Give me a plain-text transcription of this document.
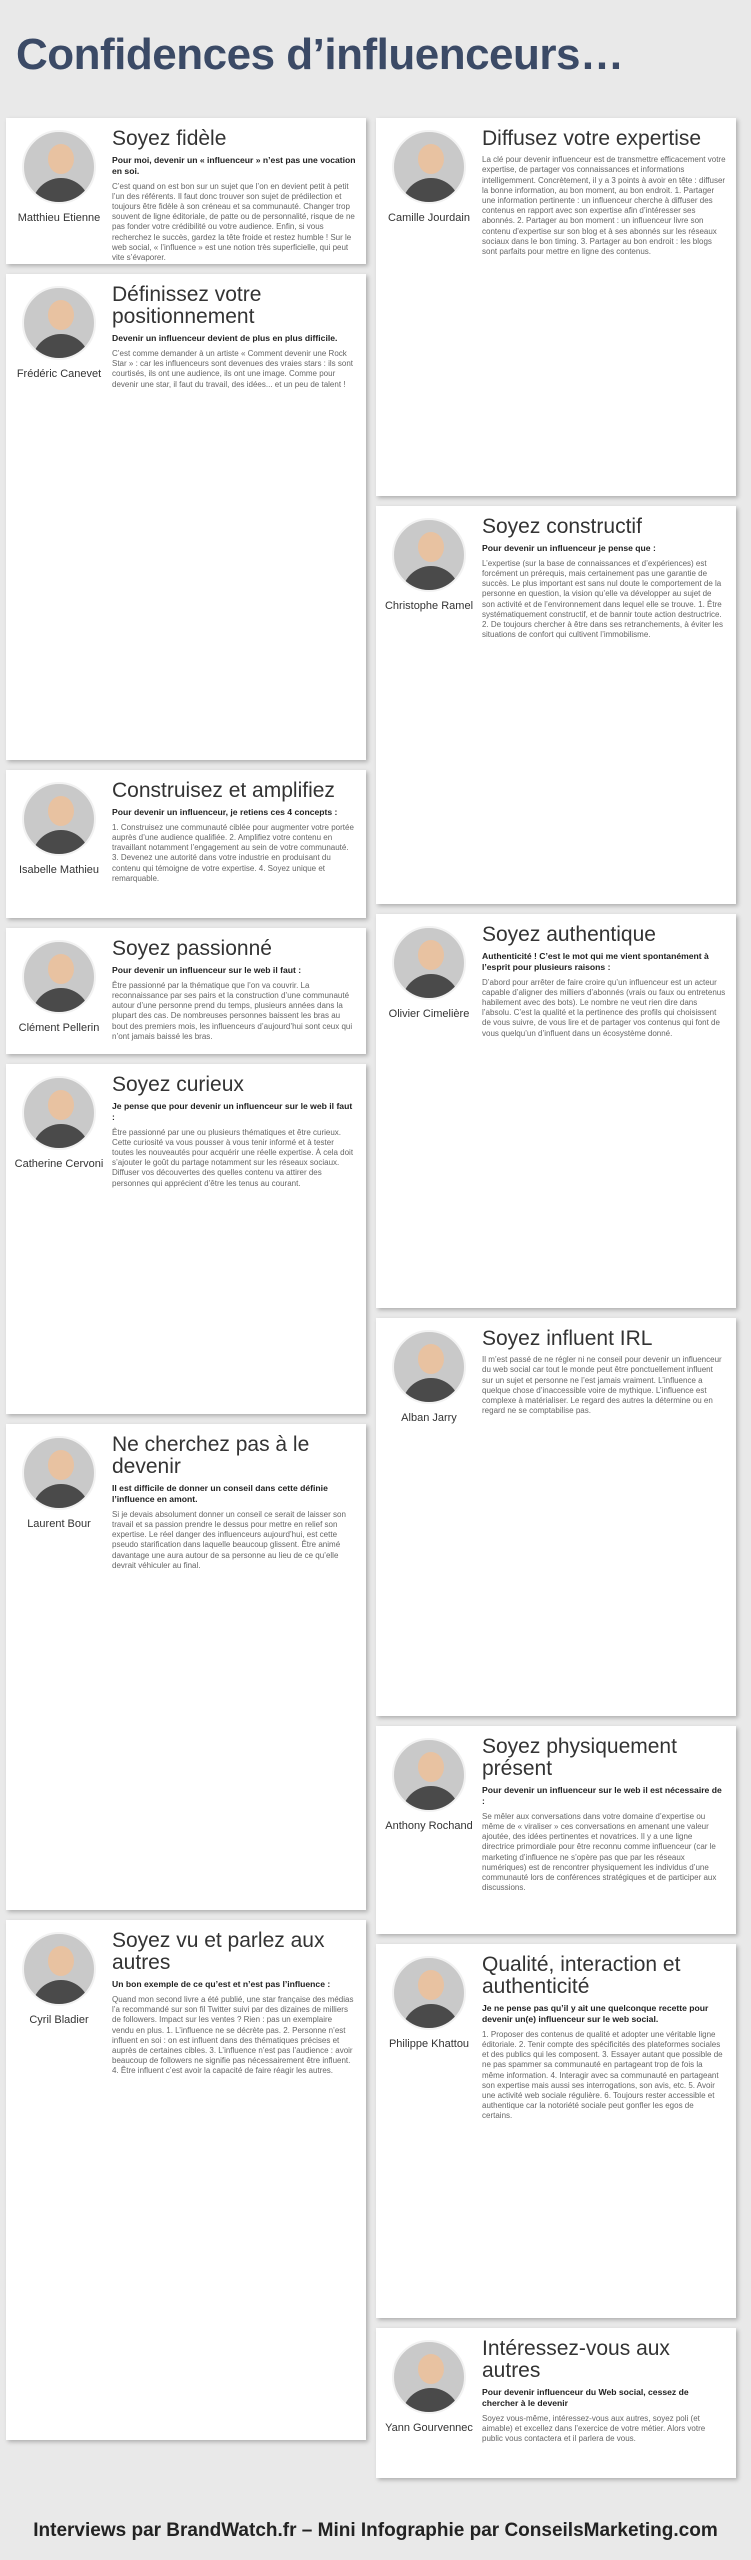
Confidences d’influenceurs…
Matthieu Etienne
Soyez fidèle
Pour moi, devenir un « influenceur » n’est pas une vocation en soi.
C’est quand on est bon sur un sujet que l’on en devient petit à petit l’un des référents. Il faut donc trouver son sujet de prédilection et toujours être fidèle à son créneau et sa communauté. Changer trop souvent de ligne éditoriale, de patte ou de personnalité, risque de ne pas fonder votre crédibilité ou votre audience. Enfin, si vous recherchez le succès, gardez la tête froide et restez humble ! Sur le web social, « l’influence » est une notion très superficielle, qui peut vite s’évaporer.
Frédéric Canevet
Définissez votre positionnement
Devenir un influenceur devient de plus en plus difficile.
C’est comme demander à un artiste « Comment devenir une Rock Star » : car les influenceurs sont devenues des vraies stars : ils sont courtisés, ils ont une audience, ils ont une image. Comme pour devenir une star, il faut du travail, des idées... et un peu de talent !
Isabelle Mathieu
Construisez et amplifiez
Pour devenir un influenceur, je retiens ces 4 concepts :
1. Construisez une communauté ciblée pour augmenter votre portée auprès d’une audience qualifiée. 2. Amplifiez votre contenu en travaillant notamment l’engagement au sein de votre communauté. 3. Devenez une autorité dans votre industrie en produisant du contenu qui témoigne de votre expertise. 4. Soyez unique et remarquable.
Clément Pellerin
Soyez passionné
Pour devenir un influenceur sur le web il faut :
Être passionné par la thématique que l’on va couvrir. La reconnaissance par ses pairs et la construction d’une communauté autour d’une personne prend du temps, plusieurs années dans la plupart des cas. De nombreuses personnes baissent les bras au bout des premiers mois, les influenceurs d’aujourd’hui sont ceux qui n’ont jamais baissé les bras.
Catherine Cervoni
Soyez curieux
Je pense que pour devenir un influenceur sur le web il faut :
Être passionné par une ou plusieurs thématiques et être curieux. Cette curiosité va vous pousser à vous tenir informé et à tester toutes les nouveautés pour acquérir une réelle expertise. À cela doit s’ajouter le goût du partage notamment sur les réseaux sociaux. Diffuser vos découvertes des quelles contenu va attirer des personnes qui apprécient d’être les tenus au courant.
Laurent Bour
Ne cherchez pas à le devenir
Il est difficile de donner un conseil dans cette définie l’influence en amont.
Si je devais absolument donner un conseil ce serait de laisser son travail et sa passion prendre le dessus pour mettre en relief son expertise. Le réel danger des influenceurs aujourd’hui, est cette pseudo starification dans laquelle beaucoup glissent. Être animé davantage une aura autour de sa personne au lieu de ce qu’elle devrait véhiculer au final.
Cyril Bladier
Soyez vu et parlez aux autres
Un bon exemple de ce qu’est et n’est pas l’influence :
Quand mon second livre a été publié, une star française des médias l’a recommandé sur son fil Twitter suivi par des dizaines de milliers de followers. Impact sur les ventes ? Rien : pas un exemplaire vendu en plus. 1. L’influence ne se décrète pas. 2. Personne n’est influent en soi : on est influent dans des thématiques précises et auprès de certaines cibles. 3. L’influence n’est pas l’audience : avoir beaucoup de followers ne signifie pas nécessairement être influent. 4. Être influent c’est avoir la capacité de faire réagir les autres.
Camille Jourdain
Diffusez votre expertise
La clé pour devenir influenceur est de transmettre efficacement votre expertise, de partager vos connaissances et informations intelligemment. Concrètement, il y a 3 points à avoir en tête : diffuser la bonne information, au bon moment, au bon endroit. 1. Partager une information pertinente : un influenceur cherche à diffuser des contenus en rapport avec son expertise afin d’intéresser ses abonnés. 2. Partager au bon moment : un influenceur livre son contenu d’expertise sur son blog et à ses abonnés sur les réseaux sociaux dans le bon timing. 3. Partager au bon endroit : les blogs sont parfaits pour mettre en ligne des contenus.
Christophe Ramel
Soyez constructif
Pour devenir un influenceur je pense que :
L’expertise (sur la base de connaissances et d’expériences) est forcément un prérequis, mais certainement pas une garantie de succès. Le plus important est sans nul doute le comportement de la personne en question, la vision qu’elle va développer au sujet de son activité et de l’environnement dans lequel elle se trouve. 1. Être systématiquement constructif, et de bannir toute action destructrice. 2. De toujours chercher à être dans ses retranchements, à éviter les situations de confort qui cultivent l’immobilisme.
Olivier Cimelière
Soyez authentique
Authenticité ! C’est le mot qui me vient spontanément à l’esprit pour plusieurs raisons :
D’abord pour arrêter de faire croire qu’un influenceur est un acteur capable d’aligner des milliers d’abonnés (vrais ou faux ou entretenus habilement avec des bots). Le nombre ne veut rien dire dans l’absolu. C’est la qualité et la pertinence des profils qui choisissent de vous suivre, de vous lire et de partager vos contenus qui font de vous quelqu’un d’influent dans un écosystème donné.
Alban Jarry
Soyez influent IRL
Il m’est passé de ne régler ni ne conseil pour devenir un influenceur du web social car tout le monde peut être ponctuellement influent sur un sujet et personne ne l’est jamais vraiment. L’influence a quelque chose d’inaccessible voire de mythique. L’influence est complexe à matérialiser. Le regard des autres la détermine ou en regard ne se comptabilise pas.
Anthony Rochand
Soyez physiquement présent
Pour devenir un influenceur sur le web il est nécessaire de :
Se mêler aux conversations dans votre domaine d’expertise ou même de « viraliser » ces conversations en amenant une valeur ajoutée, des idées pertinentes et novatrices. Il y a une ligne directrice primordiale pour être reconnu comme influenceur (car le marketing d’influence ne s’opère pas que par les réseaux numériques) est de rencontrer physiquement les individus d’une communauté lors de conférences stratégiques et de participer aux discussions.
Philippe Khattou
Qualité, interaction et authenticité
Je ne pense pas qu’il y ait une quelconque recette pour devenir un(e) influenceur sur le web social.
1. Proposer des contenus de qualité et adopter une véritable ligne éditoriale. 2. Tenir compte des spécificités des plateformes sociales et des publics qui les composent. 3. Essayer autant que possible de ne pas spammer sa communauté en partageant trop de fois la même information. 4. Interagir avec sa communauté en partageant son expertise mais aussi ses interrogations, son avis, etc. 5. Avoir une activité web sociale régulière. 6. Toujours rester accessible et authentique car la notoriété sociale peut gonfler les egos de certains.
Yann Gourvennec
Intéressez-vous aux autres
Pour devenir influenceur du Web social, cessez de chercher à le devenir
Soyez vous-même, intéressez-vous aux autres, soyez poli (et aimable) et excellez dans l’exercice de votre métier. Alors votre public vous contactera et il parlera de vous.
Interviews par BrandWatch.fr – Mini Infographie par ConseilsMarketing.com
